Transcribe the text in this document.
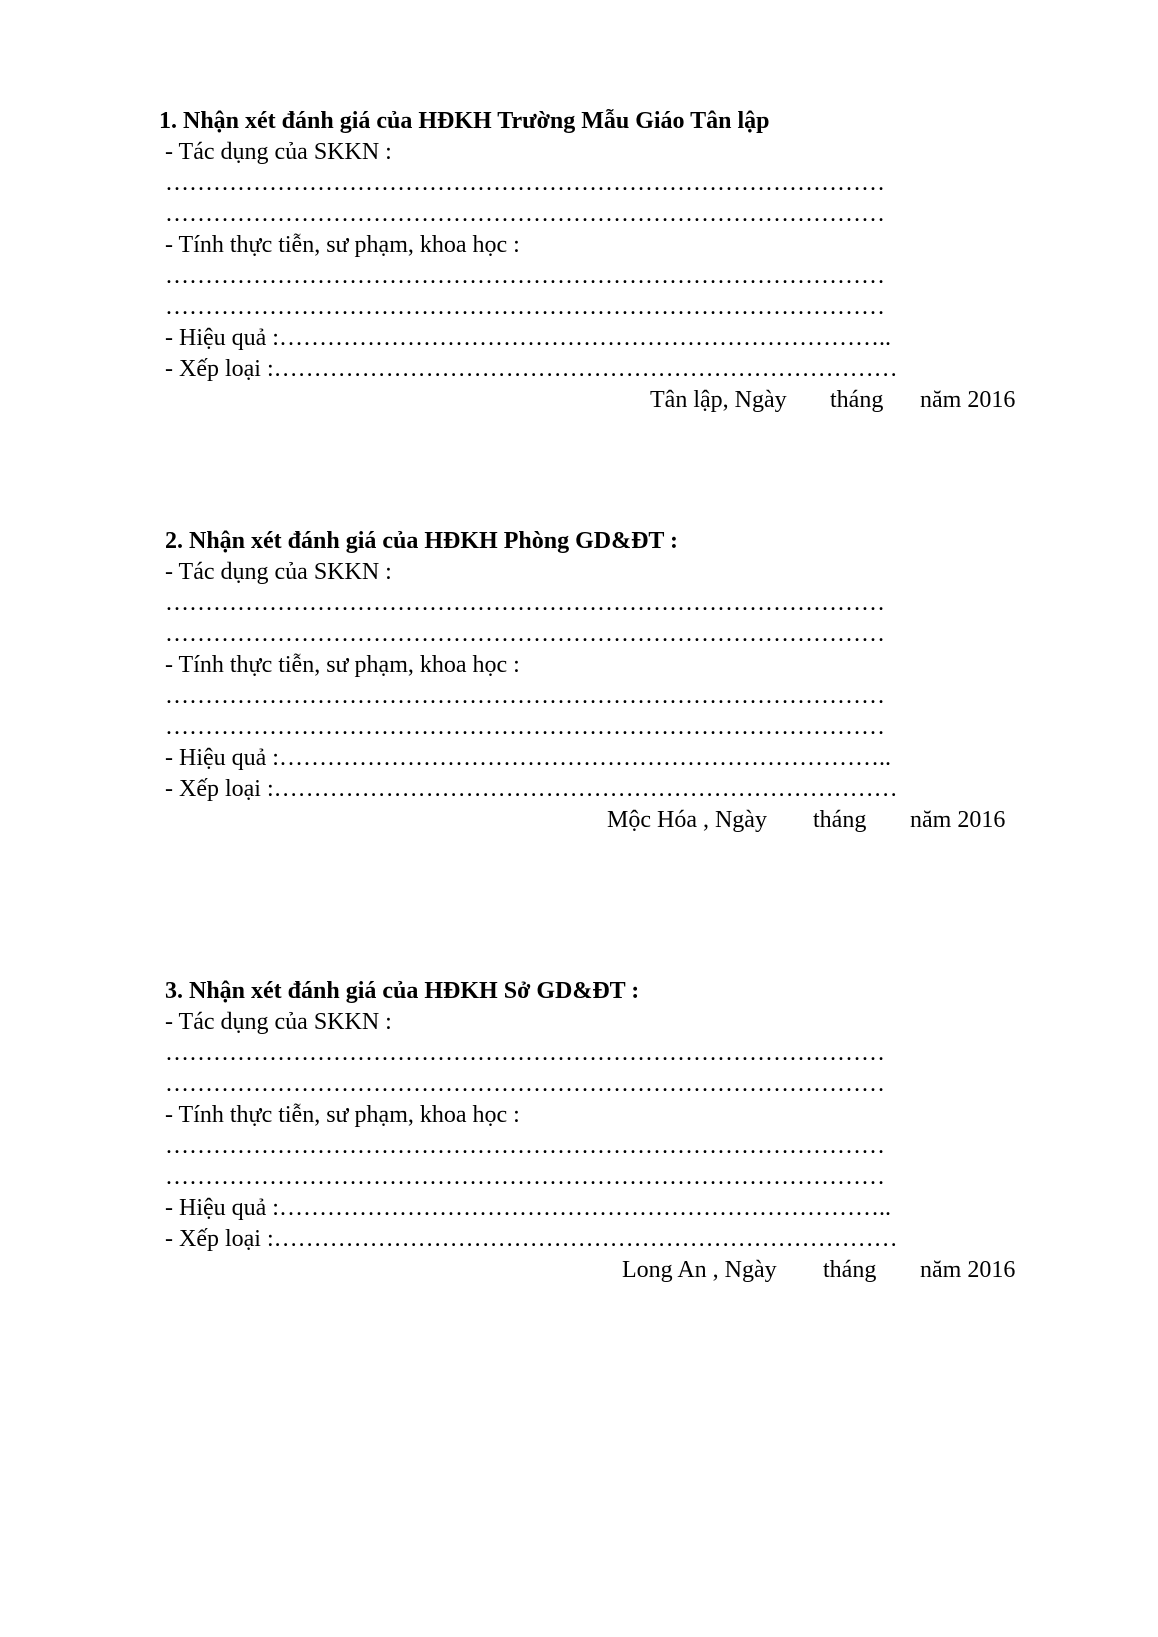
1. Nhận xét đánh giá của HĐKH Trường Mẫu Giáo Tân lập
- Tác dụng của SKKN :
………………………………………………………………………………
………………………………………………………………………………
- Tính thực tiễn, sư phạm, khoa học :
………………………………………………………………………………
………………………………………………………………………………
- Hiệu quả :…………………………………………………………………..
- Xếp loại :……………………………………………………………………
Tân lập, Ngày tháng năm 2016
2. Nhận xét đánh giá của HĐKH Phòng GD&ĐT :
- Tác dụng của SKKN :
………………………………………………………………………………
………………………………………………………………………………
- Tính thực tiễn, sư phạm, khoa học :
………………………………………………………………………………
………………………………………………………………………………
- Hiệu quả :…………………………………………………………………..
- Xếp loại :……………………………………………………………………
Mộc Hóa , Ngày tháng năm 2016
3. Nhận xét đánh giá của HĐKH Sở GD&ĐT :
- Tác dụng của SKKN :
………………………………………………………………………………
………………………………………………………………………………
- Tính thực tiễn, sư phạm, khoa học :
………………………………………………………………………………
………………………………………………………………………………
- Hiệu quả :…………………………………………………………………..
- Xếp loại :……………………………………………………………………
Long An , Ngày tháng năm 2016
